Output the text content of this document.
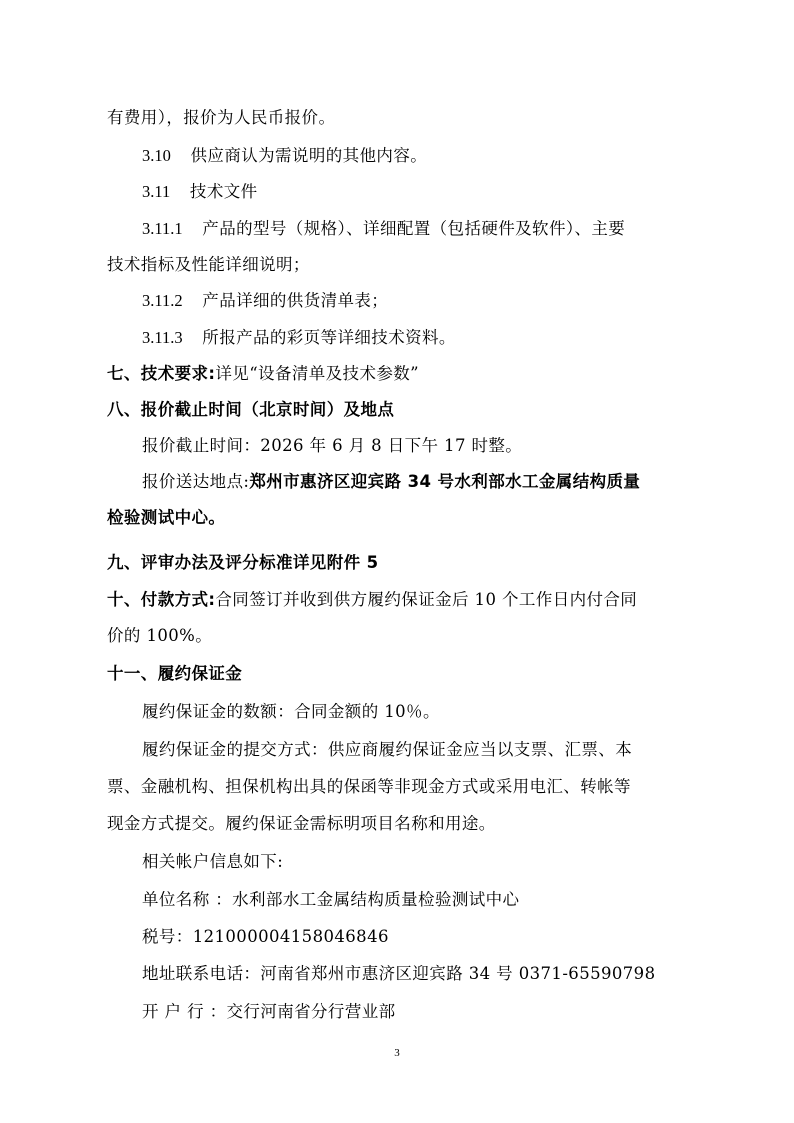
有费用），报价为人民币报价。
3.10 供应商认为需说明的其他内容。
3.11 技术文件
3.11.1 产品的型号（规格）、详细配置（包括硬件及软件）、主要
技术指标及性能详细说明；
3.11.2 产品详细的供货清单表；
3.11.3 所报产品的彩页等详细技术资料。
七、技术要求:详见“设备清单及技术参数”
八、报价截止时间（北京时间）及地点
报价截止时间：2026 年 6 月 8 日下午 17 时整。
报价送达地点:郑州市惠济区迎宾路 34 号水利部水工金属结构质量
检验测试中心。
九、评审办法及评分标准详见附件 5
十、付款方式:合同签订并收到供方履约保证金后 10 个工作日内付合同
价的 100%。
十一、履约保证金
履约保证金的数额：合同金额的 10％。
履约保证金的提交方式：供应商履约保证金应当以支票、汇票、本
票、金融机构、担保机构出具的保函等非现金方式或采用电汇、转帐等
现金方式提交。履约保证金需标明项目名称和用途。
相关帐户信息如下:
单位名称 ：水利部水工金属结构质量检验测试中心
税号：121000004158046846
地址联系电话：河南省郑州市惠济区迎宾路 34 号 0371-65590798
开 户 行 ：交行河南省分行营业部
3
